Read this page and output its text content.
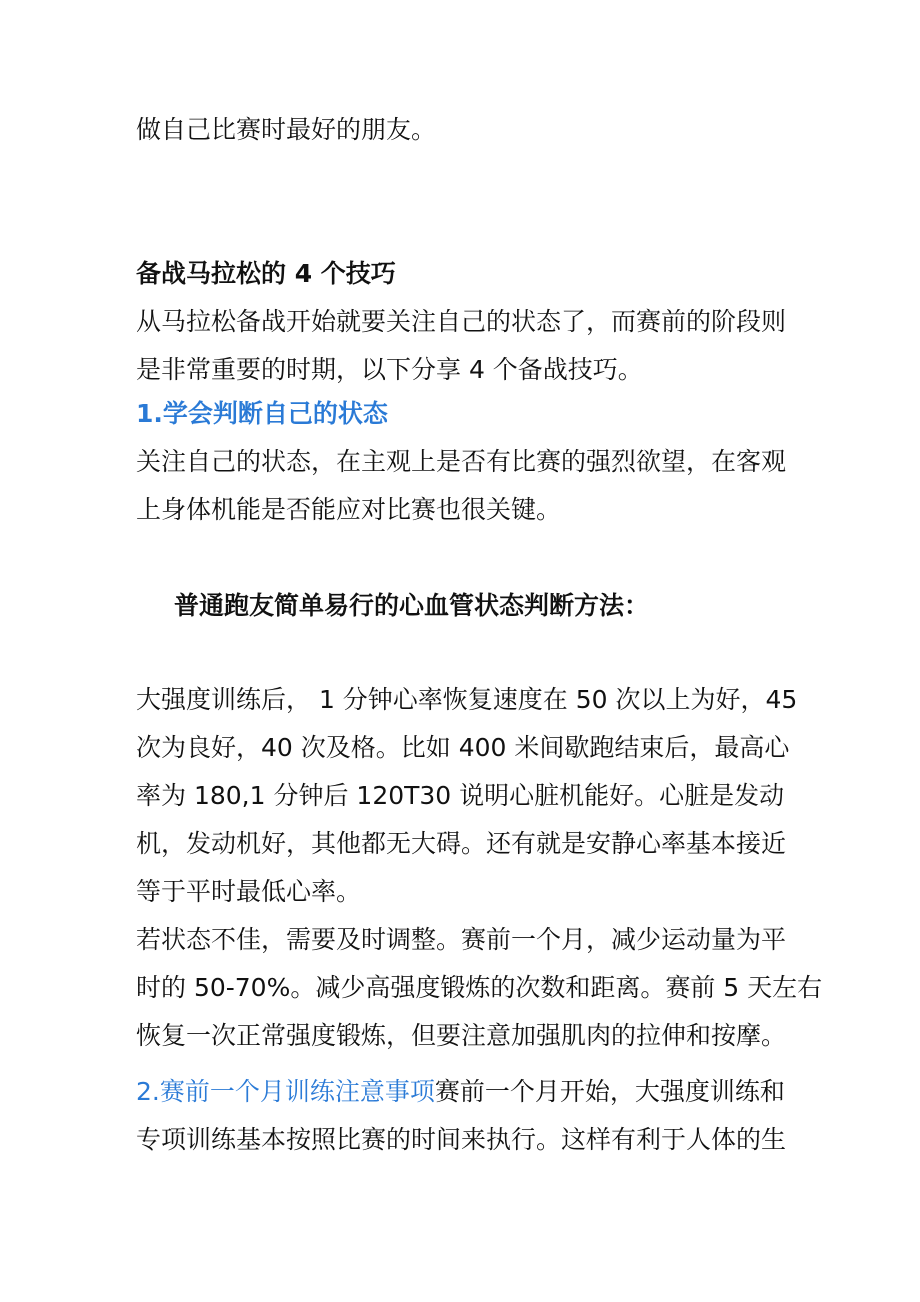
做自己比赛时最好的朋友。
备战马拉松的 4 个技巧
从马拉松备战开始就要关注自己的状态了，而赛前的阶段则
是非常重要的时期，以下分享 4 个备战技巧。
1.学会判断自己的状态
关注自己的状态，在主观上是否有比赛的强烈欲望，在客观
上身体机能是否能应对比赛也很关键。
普通跑友简单易行的心血管状态判断方法：
大强度训练后， 1 分钟心率恢复速度在 50 次以上为好，45
次为良好，40 次及格。比如 400 米间歇跑结束后，最高心
率为 180,1 分钟后 120T30 说明心脏机能好。心脏是发动
机，发动机好，其他都无大碍。还有就是安静心率基本接近
等于平时最低心率。
若状态不佳，需要及时调整。赛前一个月，减少运动量为平
时的 50-70%。减少高强度锻炼的次数和距离。赛前 5 天左右
恢复一次正常强度锻炼，但要注意加强肌肉的拉伸和按摩。
2.赛前一个月训练注意事项赛前一个月开始，大强度训练和
专项训练基本按照比赛的时间来执行。这样有利于人体的生
